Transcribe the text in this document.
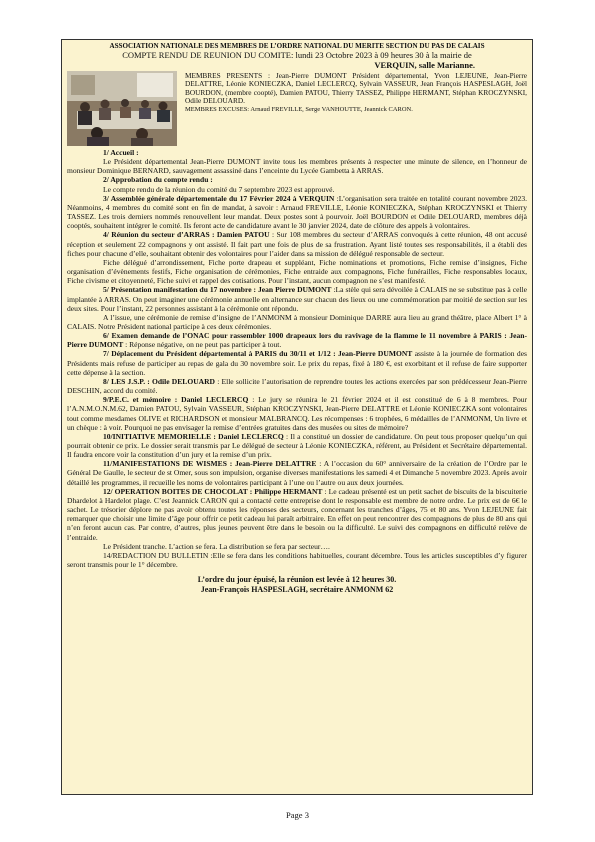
ASSOCIATION NATIONALE DES MEMBRES DE L’ORDRE NATIONAL DU MERITE SECTION DU PAS DE CALAIS
COMPTE RENDU DE REUNION DU COMITE: lundi 23 Octobre 2023 à 09 heures 30 à la mairie de
VERQUIN, salle Marianne.
MEMBRES PRESENTS : Jean-Pierre DUMONT Président départemental, Yvon LEJEUNE, Jean-Pierre DELATTRE, Léonie KONIECZKA, Daniel LECLERCQ, Sylvain VASSEUR, Jean François HASPESLAGH, Joël BOURDON, (membre coopté), Damien PATOU, Thierry TASSEZ, Philippe HERMANT, Stéphan KROCZYNSKI, Odile DELOUARD.
MEMBRES EXCUSES: Arnaud FREVILLE, Serge VANHOUTTE, Jeannick CARON.
1/ Accueil :

Le Président départemental Jean-Pierre DUMONT invite tous les membres présents à respecter une minute de silence, en l’honneur de monsieur Dominique BERNARD, sauvagement assassiné dans l’enceinte du Lycée Gambetta à ARRAS.

2/ Approbation du compte rendu :

Le compte rendu de la réunion du comité du 7 septembre 2023 est approuvé.

3/ Assemblée générale départementale du 17 Février 2024 à VERQUIN :L’organisation sera traitée en totalité courant novembre 2023. Néanmoins, 4 membres du comité sont en fin de mandat, à savoir : Arnaud FREVILLE, Léonie KONIECZKA, Stéphan KROCZYNSKI et Thierry TASSEZ. Les trois derniers nommés renouvellent leur mandat. Deux postes sont à pourvoir. Joël BOURDON et Odile DELOUARD, membres déjà cooptés, souhaitent intégrer le comité. Ils feront acte de candidature avant le 30 janvier 2024, date de clôture des appels à volontaires.

4/ Réunion du secteur d’ARRAS : Damien PATOU : Sur 108 membres du secteur d’ARRAS convoqués à cette réunion, 48 ont accusé réception et seulement 22 compagnons y ont assisté. Il fait part une fois de plus de sa frustration. Ayant listé toutes ses responsabilités, il a établi des fiches pour chacune d’elle, souhaitant obtenir des volontaires pour l’aider dans sa mission de délégué responsable de secteur.

Fiche délégué d’arrondissement, Fiche porte drapeau et suppléant, Fiche nominations et promotions, Fiche remise d’insignes, Fiche organisation d’évènements festifs, Fiche organisation de cérémonies, Fiche entraide aux compagnons, Fiche funérailles, Fiche responsables locaux, Fiche civisme et citoyenneté, Fiche suivi et rappel des cotisations. Pour l’instant, aucun compagnon ne s’est manifesté.

5/ Présentation manifestation du 17 novembre : Jean Pierre DUMONT :La stèle qui sera dévoilée à CALAIS ne se substitue pas à celle implantée à ARRAS. On peut imaginer une cérémonie annuelle en alternance sur chacun des lieux ou une commémoration par moitié de section sur les deux sites. Pour l’instant, 22 personnes assistant à la cérémonie ont répondu.

A l’issue, une cérémonie de remise d’insigne de l’ANMONM à monsieur Dominique DARRE aura lieu au grand théâtre, place Albert 1° à CALAIS. Notre Président national participe à ces deux cérémonies.

6/ Examen demande de l’ONAC pour rassembler 1000 drapeaux lors du ravivage de la flamme le 11 novembre à PARIS : Jean-Pierre DUMONT : Réponse négative, on ne peut pas participer à tout.

7/ Déplacement du Président départemental à PARIS du 30/11 et 1/12 : Jean-Pierre DUMONT assiste à la journée de formation des Présidents mais refuse de participer au repas de gala du 30 novembre soir. Le prix du repas, fixé à 180 €, est exorbitant et il refuse de faire supporter cette dépense à la section.

8/ LES J.S.P. : Odile DELOUARD : Elle sollicite l’autorisation de reprendre toutes les actions exercées par son prédécesseur Jean-Pierre DESCHIN, accord du comité.

9/P.E.C. et mémoire : Daniel LECLERCQ : Le jury se réunira le 21 février 2024 et il est constitué de 6 à 8 membres. Pour l’A.N.M.O.N.M.62, Damien PATOU, Sylvain VASSEUR, Stéphan KROCZYNSKI, Jean-Pierre DELATTRE et Léonie KONIECZKA sont volontaires tout comme mesdames OLIVE et RICHARDSON et monsieur MALBRANCQ. Les récompenses : 6 trophées, 6 médailles de l’ANMONM, Un livre et un chèque : à voir. Pourquoi ne pas envisager la remise d’entrées gratuites dans des musées ou sites de mémoire?

10/INITIATIVE MEMORIELLE : Daniel LECLERCQ : Il a constitué un dossier de candidature. On peut tous proposer quelqu’un qui pourrait obtenir ce prix. Le dossier serait transmis par Le délégué de secteur à Léonie KONIECZKA, référent, au Président et Secrétaire départemental. Il faudra encore voir la constitution d’un jury et la remise d’un prix.

11/MANIFESTATIONS DE WISMES : Jean-Pierre DELATTRE : A l’occasion du 60° anniversaire de la création de l’Ordre par le Général De Gaulle, le secteur de st Omer, sous son impulsion, organise diverses manifestations les samedi 4 et Dimanche 5 novembre 2023. Après avoir détaillé les programmes, il recueille les noms de volontaires participant à l’une ou l’autre ou aux deux journées.

12/ OPERATION BOITES DE CHOCOLAT : Philippe HERMANT : Le cadeau présenté est un petit sachet de biscuits de la biscuiterie Dhardelot à Hardelot plage. C’est Jeannick CARON qui a contacté cette entreprise dont le responsable est membre de notre ordre. Le prix est de 6€ le sachet. Le trésorier déplore ne pas avoir obtenu toutes les réponses des secteurs, concernant les tranches d’âges, 75 et 80 ans. Yvon LEJEUNE fait remarquer que choisir une limite d’âge pour offrir ce petit cadeau lui paraît arbitraire. En effet on peut rencontrer des compagnons de plus de 80 ans qui n’en feront aucun cas. Par contre, d’autres, plus jeunes peuvent être dans le besoin ou la difficulté. Le suivi des compagnons en difficulté relève de l’entraide.

Le Président tranche. L’action se fera. La distribution se fera par secteur….

14/REDACTION DU BULLETIN :Elle se fera dans les conditions habituelles, courant décembre. Tous les articles susceptibles d’y figurer seront transmis pour le 1° décembre.

L’ordre du jour épuisé, la réunion est levée à 12 heures 30.
Jean-François HASPESLAGH, secrétaire ANMONM 62
Page 3
